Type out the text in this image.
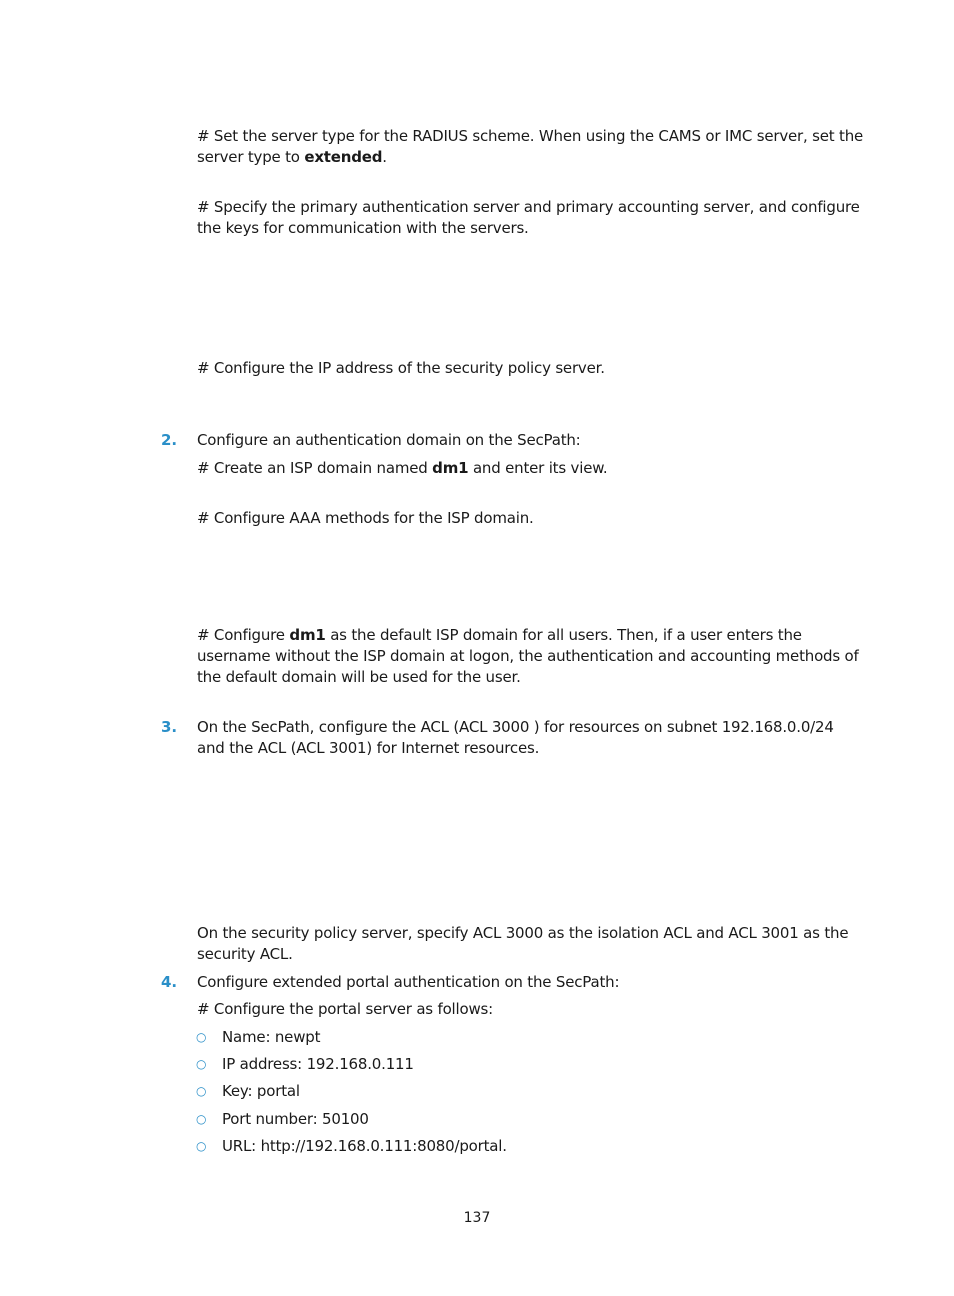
# Set the server type for the RADIUS scheme. When using the CAMS or IMC server, set the server type to extended.

# Specify the primary authentication server and primary accounting server, and configure the keys for communication with the servers.

# Configure the IP address of the security policy server.

2. Configure an authentication domain on the SecPath:

# Create an ISP domain named dm1 and enter its view.

# Configure AAA methods for the ISP domain.

# Configure dm1 as the default ISP domain for all users. Then, if a user enters the username without the ISP domain at logon, the authentication and accounting methods of the default domain will be used for the user.

3. On the SecPath, configure the ACL (ACL 3000 ) for resources on subnet 192.168.0.0/24 and the ACL (ACL 3001) for Internet resources.

On the security policy server, specify ACL 3000 as the isolation ACL and ACL 3001 as the security ACL.

4. Configure extended portal authentication on the SecPath:

# Configure the portal server as follows:

○ Name: newpt
○ IP address: 192.168.0.111
○ Key: portal
○ Port number: 50100
○ URL: http://192.168.0.111:8080/portal.
137
